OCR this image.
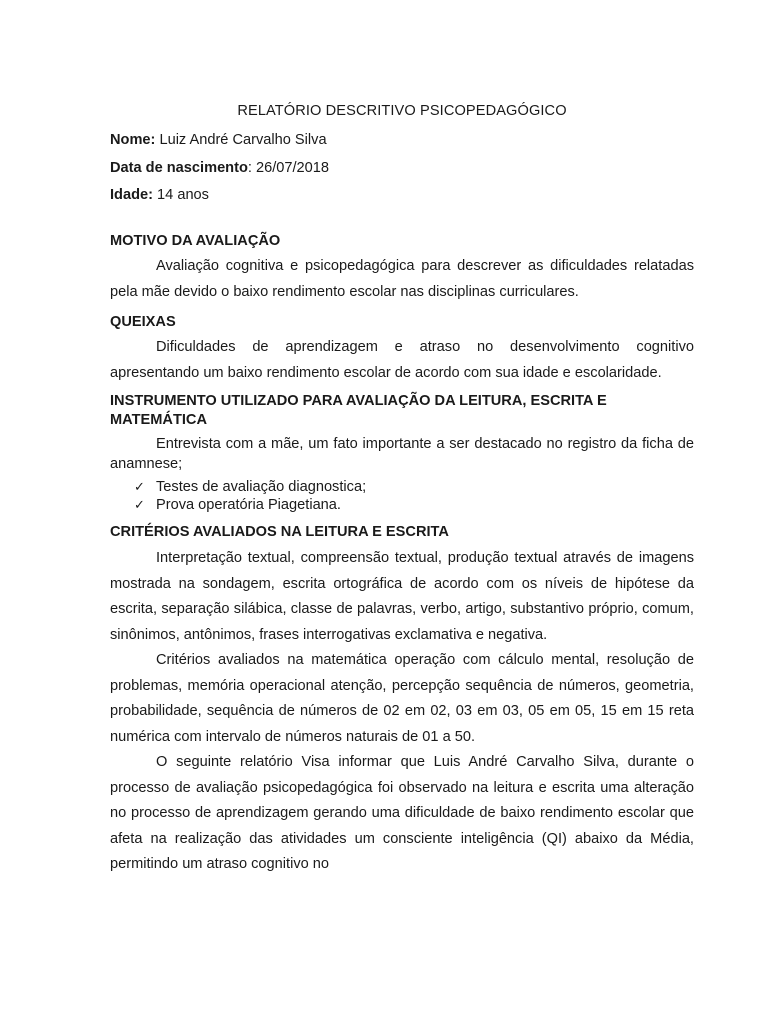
RELATÓRIO DESCRITIVO PSICOPEDAGÓGICO

Nome: Luiz André Carvalho Silva

Data de nascimento: 26/07/2018

Idade: 14 anos

MOTIVO DA AVALIAÇÃO

Avaliação cognitiva e psicopedagógica para descrever as dificuldades relatadas pela mãe devido o baixo rendimento escolar nas disciplinas curriculares.

QUEIXAS

Dificuldades de aprendizagem e atraso no desenvolvimento cognitivo apresentando um baixo rendimento escolar de acordo com sua idade e escolaridade.

INSTRUMENTO UTILIZADO PARA AVALIAÇÃO DA LEITURA, ESCRITA E MATEMÁTICA

Entrevista com a mãe, um fato importante a ser destacado no registro da ficha de anamnese;

✓ Testes de avaliação diagnostica;
✓ Prova operatória Piagetiana.

CRITÉRIOS AVALIADOS NA LEITURA E ESCRITA

Interpretação textual, compreensão textual, produção textual através de imagens mostrada na sondagem, escrita ortográfica de acordo com os níveis de hipótese da escrita, separação silábica, classe de palavras, verbo, artigo, substantivo próprio, comum, sinônimos, antônimos, frases interrogativas exclamativa e negativa.

Critérios avaliados na matemática operação com cálculo mental, resolução de problemas, memória operacional atenção, percepção sequência de números, geometria, probabilidade, sequência de números de 02 em 02, 03 em 03, 05 em 05, 15 em 15 reta numérica com intervalo de números naturais de 01 a 50.

O seguinte relatório Visa informar que Luis André Carvalho Silva, durante o processo de avaliação psicopedagógica foi observado na leitura e escrita uma alteração no processo de aprendizagem gerando uma dificuldade de baixo rendimento escolar que afeta na realização das atividades um consciente inteligência (QI) abaixo da Média, permitindo um atraso cognitivo no
